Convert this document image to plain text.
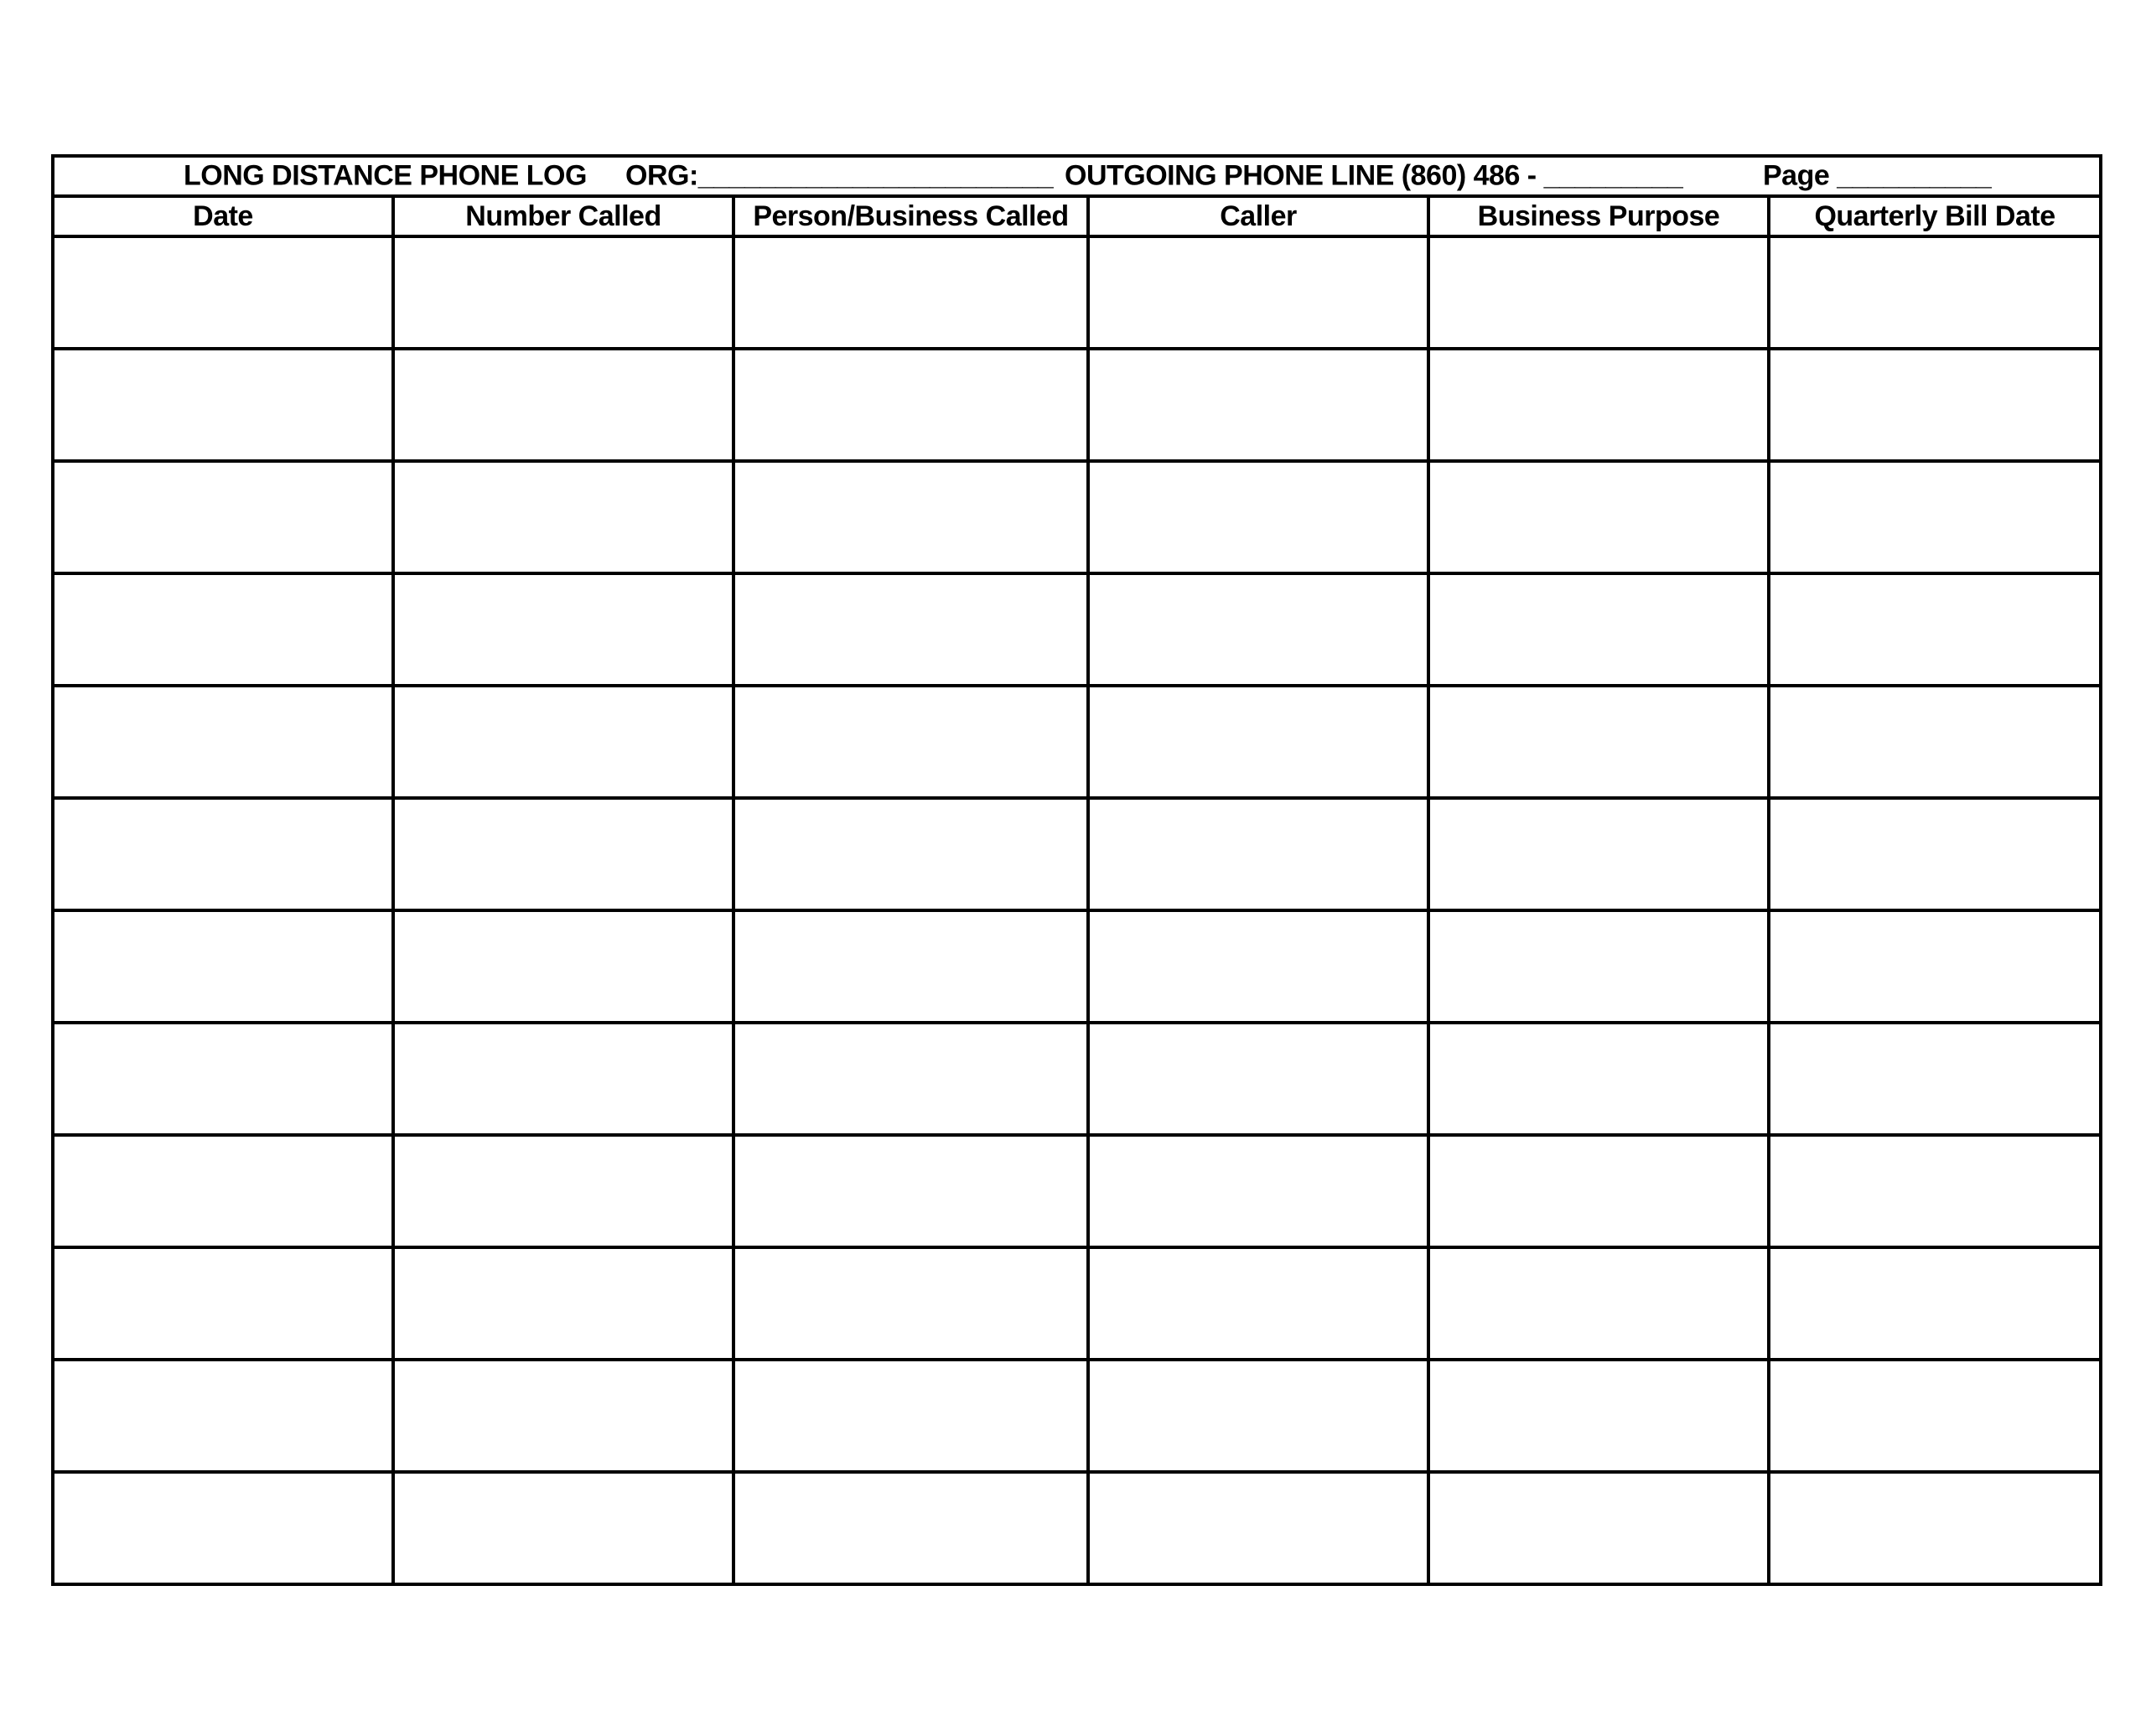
LONG DISTANCE PHONE LOG ORG:_______________________ OUTGOING PHONE LINE (860) 486 - _________ Page __________					

Date	Number Called	Person/Business Called	Caller	Business Purpose	Quarterly Bill Date
